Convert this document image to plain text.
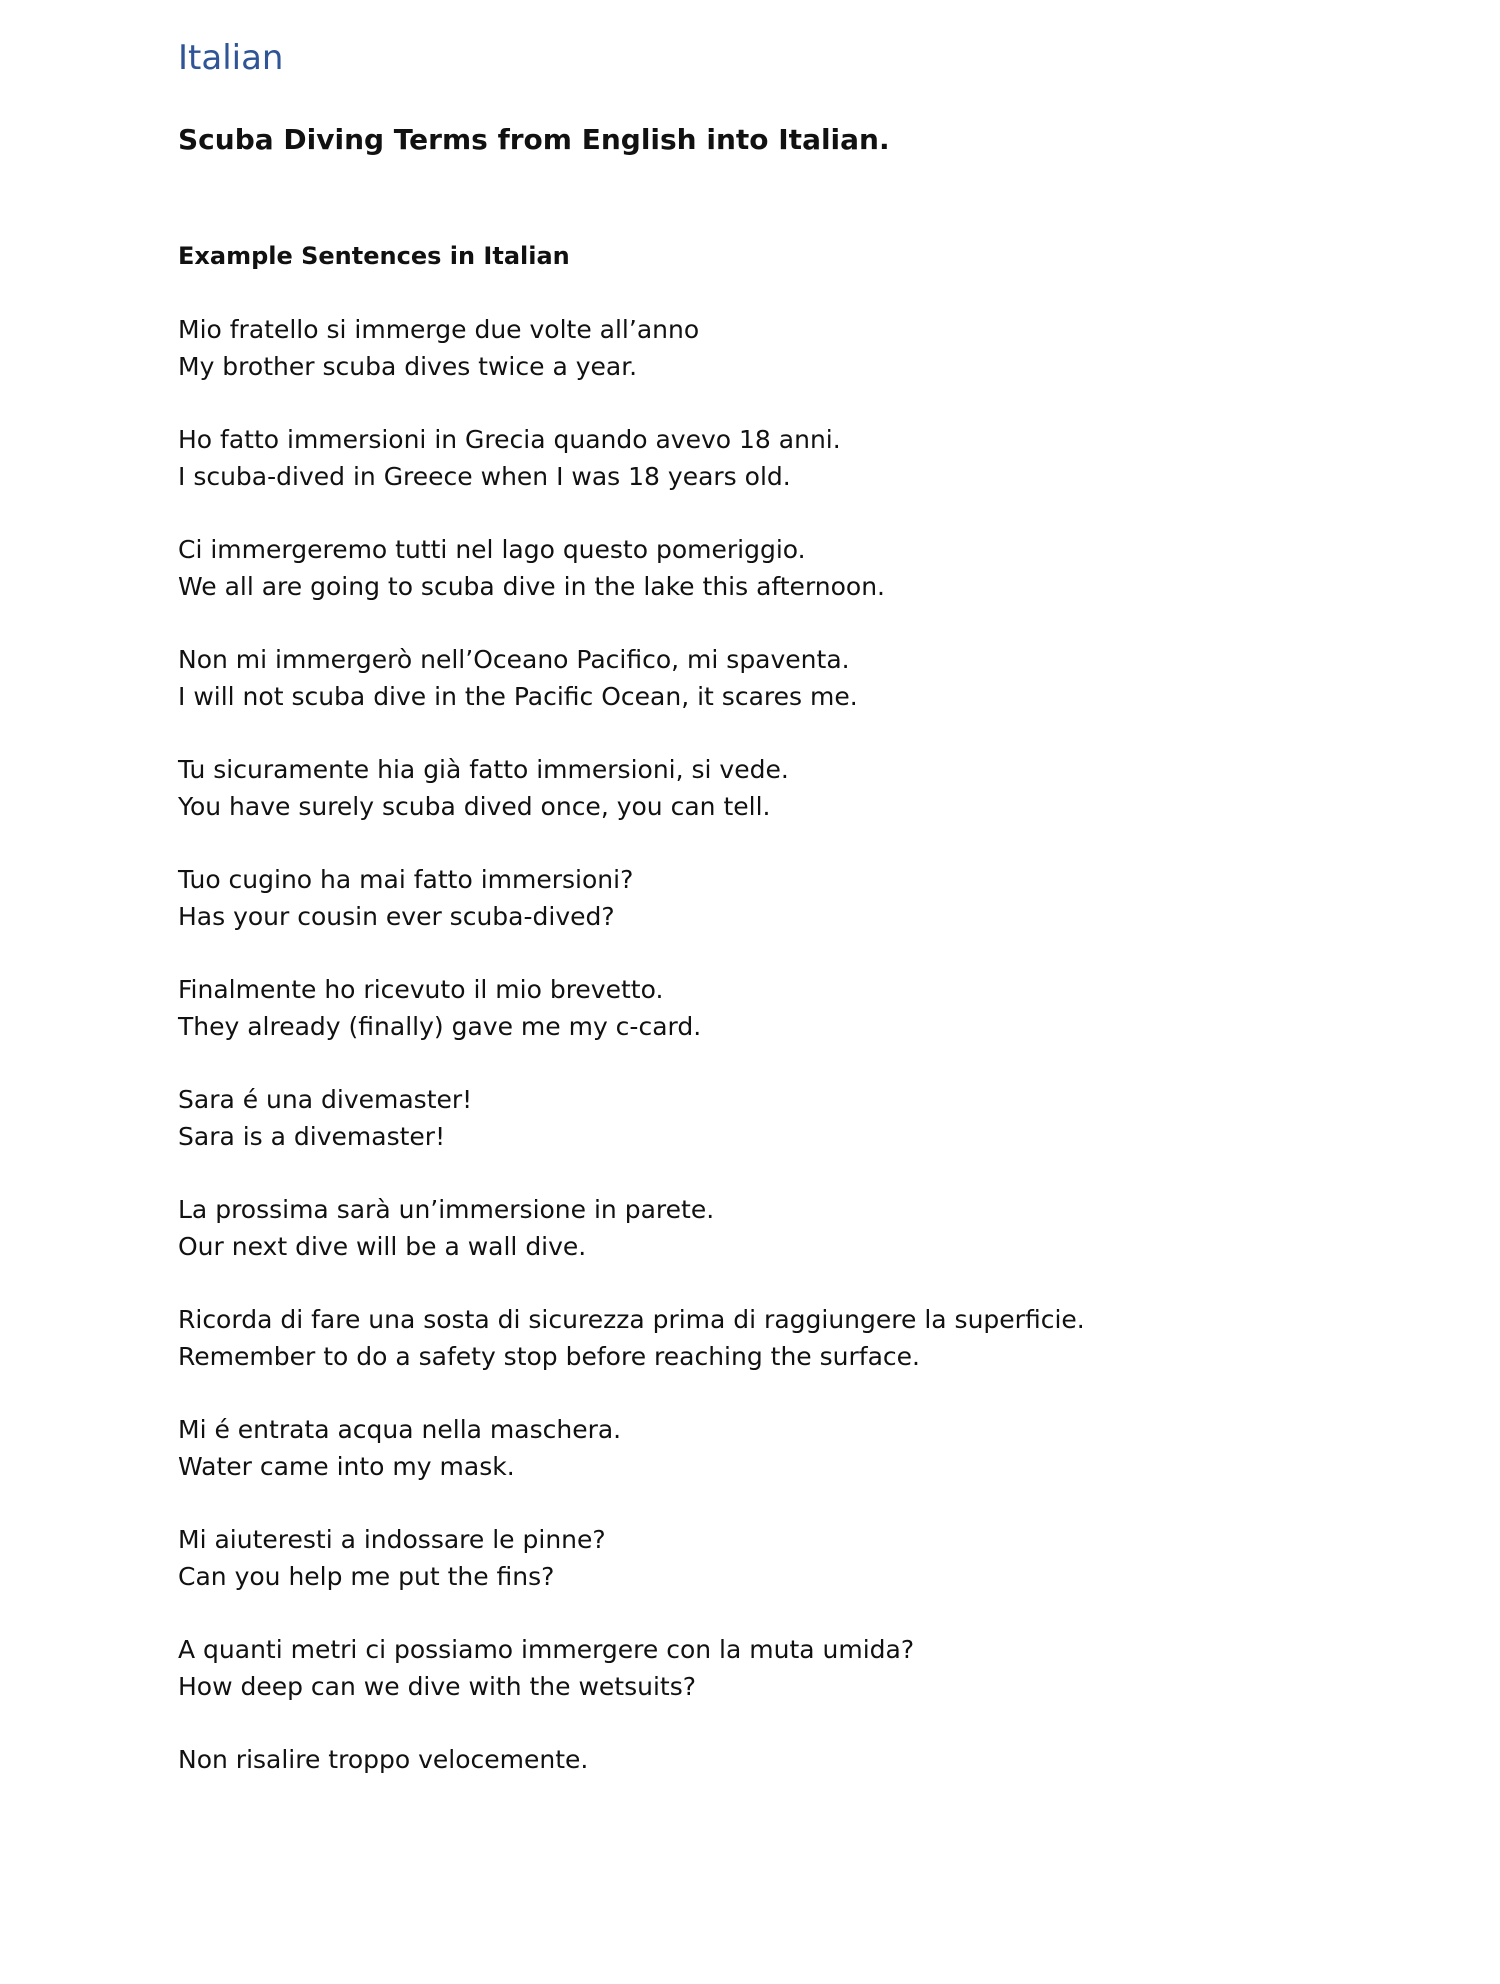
Italian
Scuba Diving Terms from English into Italian.
Example Sentences in Italian

Mio fratello si immerge due volte all’anno

My brother scuba dives twice a year.

Ho fatto immersioni in Grecia quando avevo 18 anni.

I scuba-dived in Greece when I was 18 years old.

Ci immergeremo tutti nel lago questo pomeriggio.

We all are going to scuba dive in the lake this afternoon.

Non mi immergerò nell’Oceano Pacifico, mi spaventa.

I will not scuba dive in the Pacific Ocean, it scares me.

Tu sicuramente hia già fatto immersioni, si vede.

You have surely scuba dived once, you can tell.

Tuo cugino ha mai fatto immersioni?

Has your cousin ever scuba-dived?

Finalmente ho ricevuto il mio brevetto.

They already (finally) gave me my c-card.

Sara é una divemaster!

Sara is a divemaster!

La prossima sarà un’immersione in parete.

Our next dive will be a wall dive.

Ricorda di fare una sosta di sicurezza prima di raggiungere la superficie.

Remember to do a safety stop before reaching the surface.

Mi é entrata acqua nella maschera.

Water came into my mask.

Mi aiuteresti a indossare le pinne?

Can you help me put the fins?

A quanti metri ci possiamo immergere con la muta umida?

How deep can we dive with the wetsuits?

Non risalire troppo velocemente.
